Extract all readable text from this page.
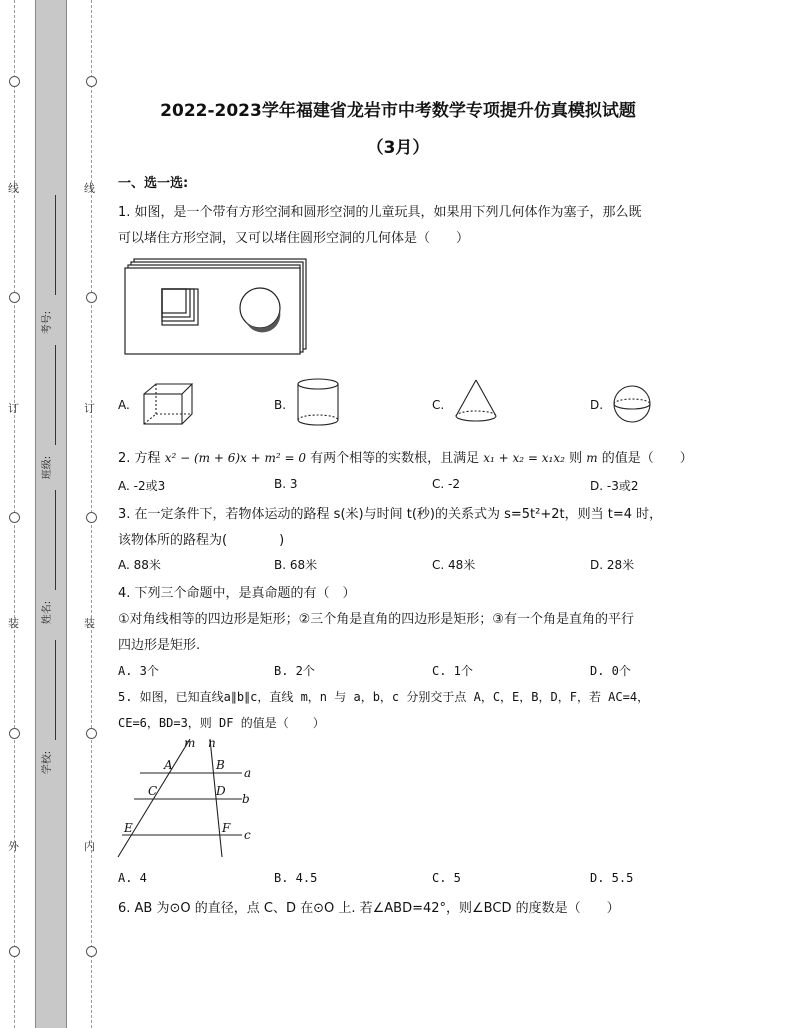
线
订
装
外
线
订
装
内
考号:
班级:
姓名:
学校:
2022-2023学年福建省龙岩市中考数学专项提升仿真模拟试题
（3月）
一、选一选:
1. 如图，是一个带有方形空洞和圆形空洞的儿童玩具，如果用下列几何体作为塞子，那么既
可以堵住方形空洞，又可以堵住圆形空洞的几何体是（　　）
A.	B.	C.	D.
2. 方程 x² − (m + 6)x + m² = 0 有两个相等的实数根，且满足 x₁ + x₂ = x₁x₂ 则 m 的值是（　　）
A. -2或3	B. 3	C. -2	D. -3或2
3. 在一定条件下，若物体运动的路程 s(米)与时间 t(秒)的关系式为 s=5t²+2t，则当 t=4 时，
该物体所的路程为(　　　　)
A. 88米	B. 68米	C. 48米	D. 28米
4. 下列三个命题中，是真命题的有（　）
①对角线相等的四边形是矩形；②三个角是直角的四边形是矩形；③有一个角是直角的平行
四边形是矩形.
A. 3个	B. 2个	C. 1个	D. 0个
5. 如图，已知直线a∥b∥c，直线 m，n 与 a，b，c 分别交于点 A，C，E，B，D，F，若 AC=4，
CE=6，BD=3，则 DF 的值是（　　）
m n
A	B
C	D
E	F
a
b
c
A. 4	B. 4.5	C. 5	D. 5.5
6. AB 为⊙O 的直径，点 C、D 在⊙O 上. 若∠ABD=42°，则∠BCD 的度数是（　　）
